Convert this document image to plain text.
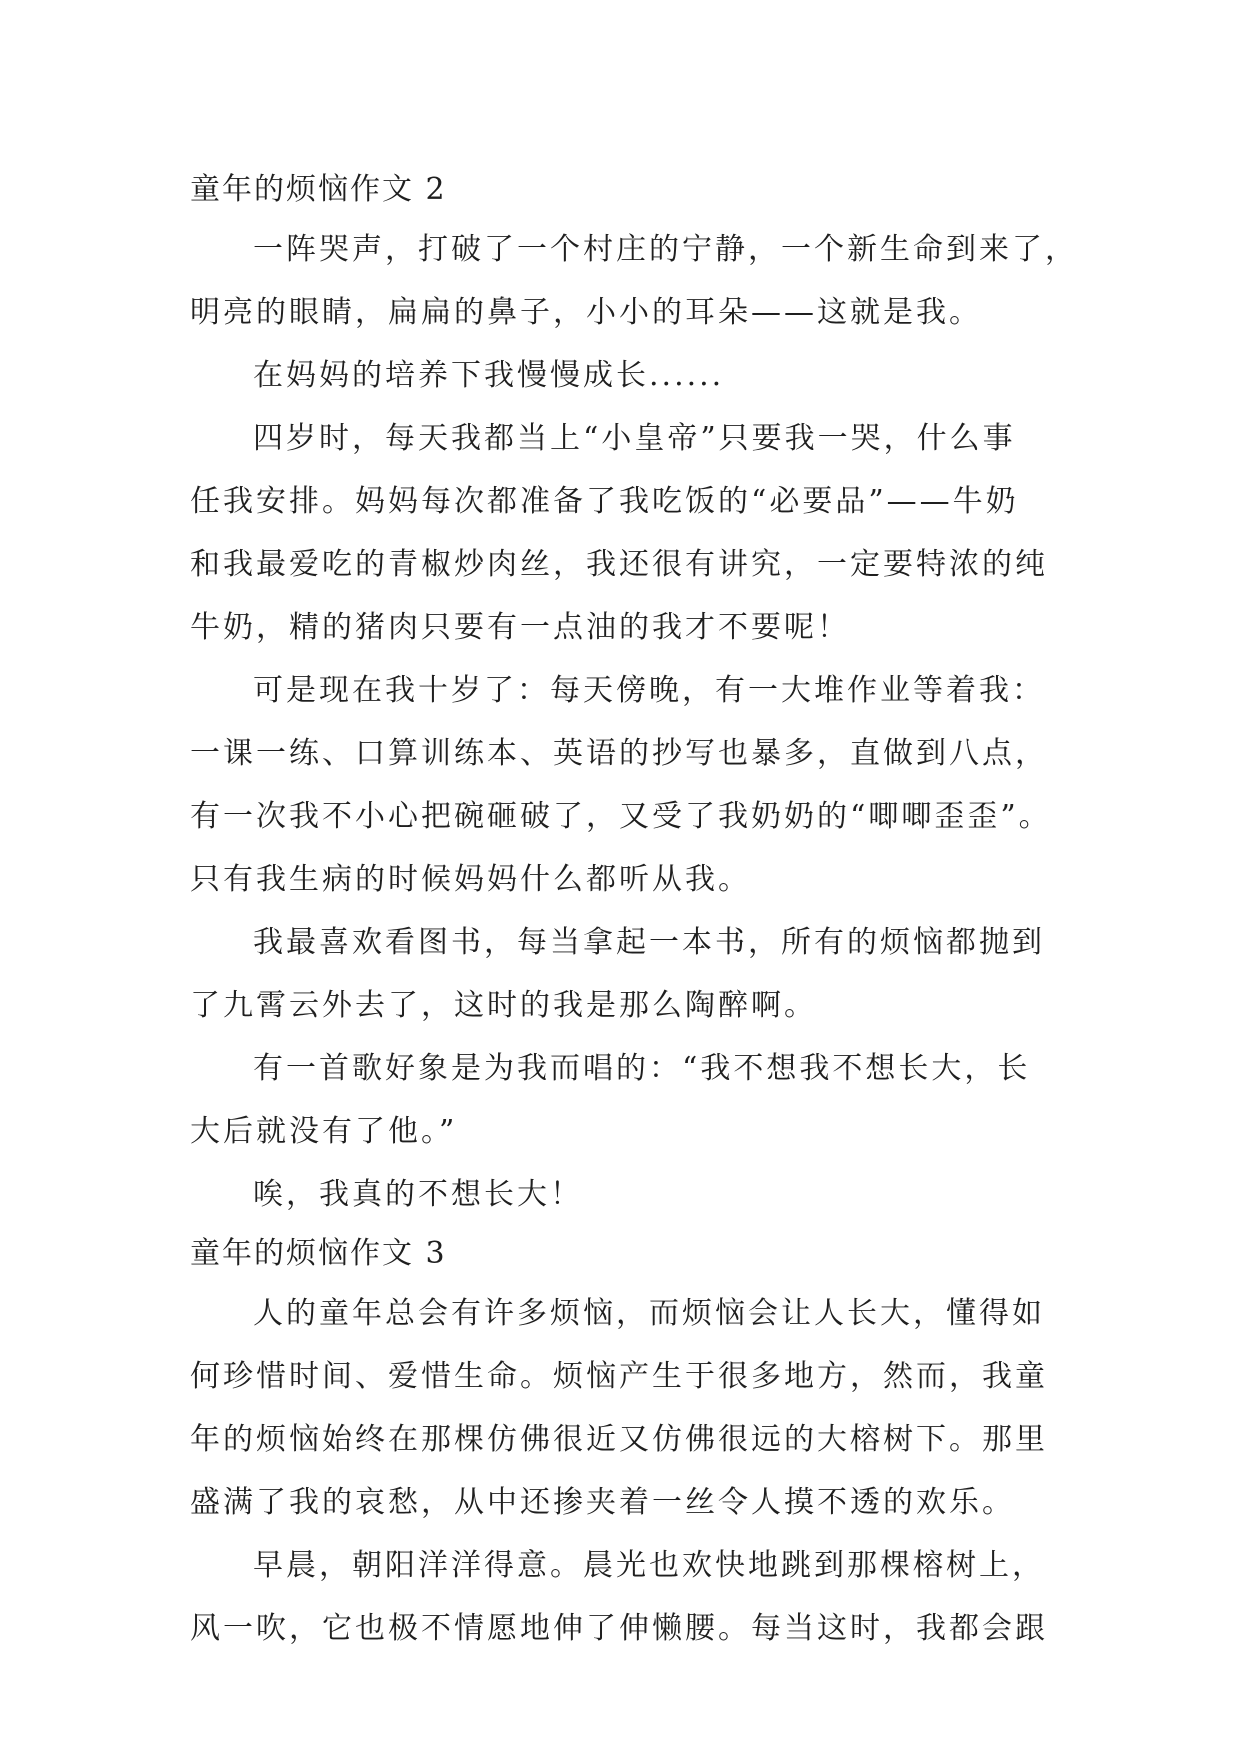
童年的烦恼作文 2
一阵哭声，打破了一个村庄的宁静，一个新生命到来了，
明亮的眼睛，扁扁的鼻子，小小的耳朵——这就是我。
在妈妈的培养下我慢慢成长......
四岁时，每天我都当上“小皇帝”只要我一哭，什么事
任我安排。妈妈每次都准备了我吃饭的“必要品”——牛奶
和我最爱吃的青椒炒肉丝，我还很有讲究，一定要特浓的纯
牛奶，精的猪肉只要有一点油的我才不要呢！
可是现在我十岁了：每天傍晚，有一大堆作业等着我：
一课一练、口算训练本、英语的抄写也暴多，直做到八点，
有一次我不小心把碗砸破了，又受了我奶奶的“唧唧歪歪”。
只有我生病的时候妈妈什么都听从我。
我最喜欢看图书，每当拿起一本书，所有的烦恼都抛到
了九霄云外去了，这时的我是那么陶醉啊。
有一首歌好象是为我而唱的：“我不想我不想长大，长
大后就没有了他。”
唉，我真的不想长大！
童年的烦恼作文 3
人的童年总会有许多烦恼，而烦恼会让人长大，懂得如
何珍惜时间、爱惜生命。烦恼产生于很多地方，然而，我童
年的烦恼始终在那棵仿佛很近又仿佛很远的大榕树下。那里
盛满了我的哀愁，从中还掺夹着一丝令人摸不透的欢乐。
早晨，朝阳洋洋得意。晨光也欢快地跳到那棵榕树上，
风一吹，它也极不情愿地伸了伸懒腰。每当这时，我都会跟
